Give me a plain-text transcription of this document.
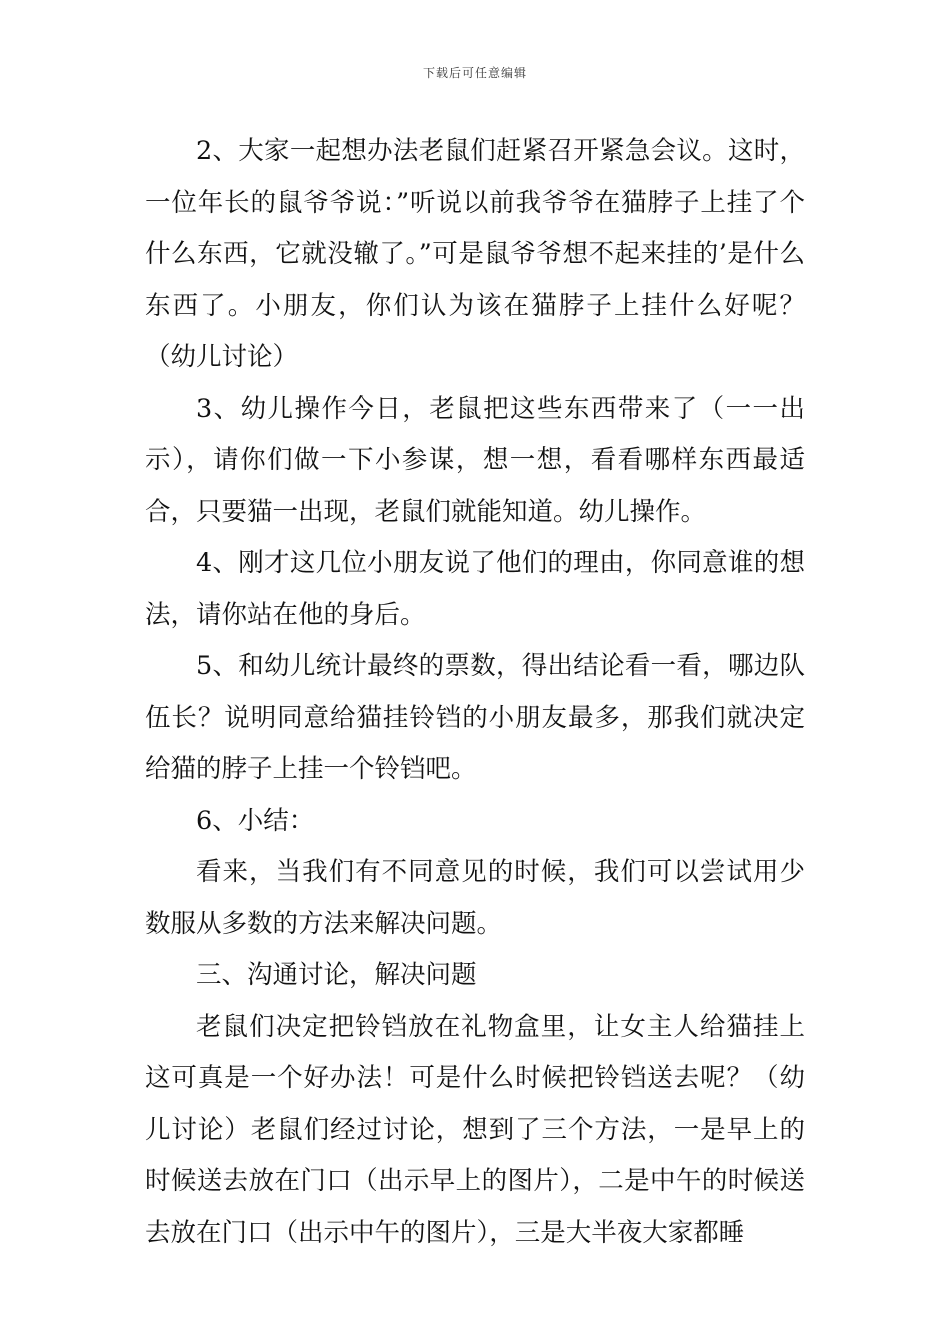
下载后可任意编辑

2、大家一起想办法老鼠们赶紧召开紧急会议。这时，一位年长的鼠爷爷说：”听说以前我爷爷在猫脖子上挂了个什么东西，它就没辙了。”可是鼠爷爷想不起来挂的’是什么东西了。小朋友，你们认为该在猫脖子上挂什么好呢？（幼儿讨论）

3、幼儿操作今日，老鼠把这些东西带来了（一一出示），请你们做一下小参谋，想一想，看看哪样东西最适合，只要猫一出现，老鼠们就能知道。幼儿操作。

4、刚才这几位小朋友说了他们的理由，你同意谁的想法，请你站在他的身后。

5、和幼儿统计最终的票数，得出结论看一看，哪边队伍长？说明同意给猫挂铃铛的小朋友最多，那我们就决定给猫的脖子上挂一个铃铛吧。

6、小结：

看来，当我们有不同意见的时候，我们可以尝试用少数服从多数的方法来解决问题。

三、沟通讨论，解决问题

老鼠们决定把铃铛放在礼物盒里，让女主人给猫挂上这可真是一个好办法！可是什么时候把铃铛送去呢？（幼儿讨论）老鼠们经过讨论，想到了三个方法，一是早上的时候送去放在门口（出示早上的图片），二是中午的时候送去放在门口（出示中午的图片），三是大半夜大家都睡
